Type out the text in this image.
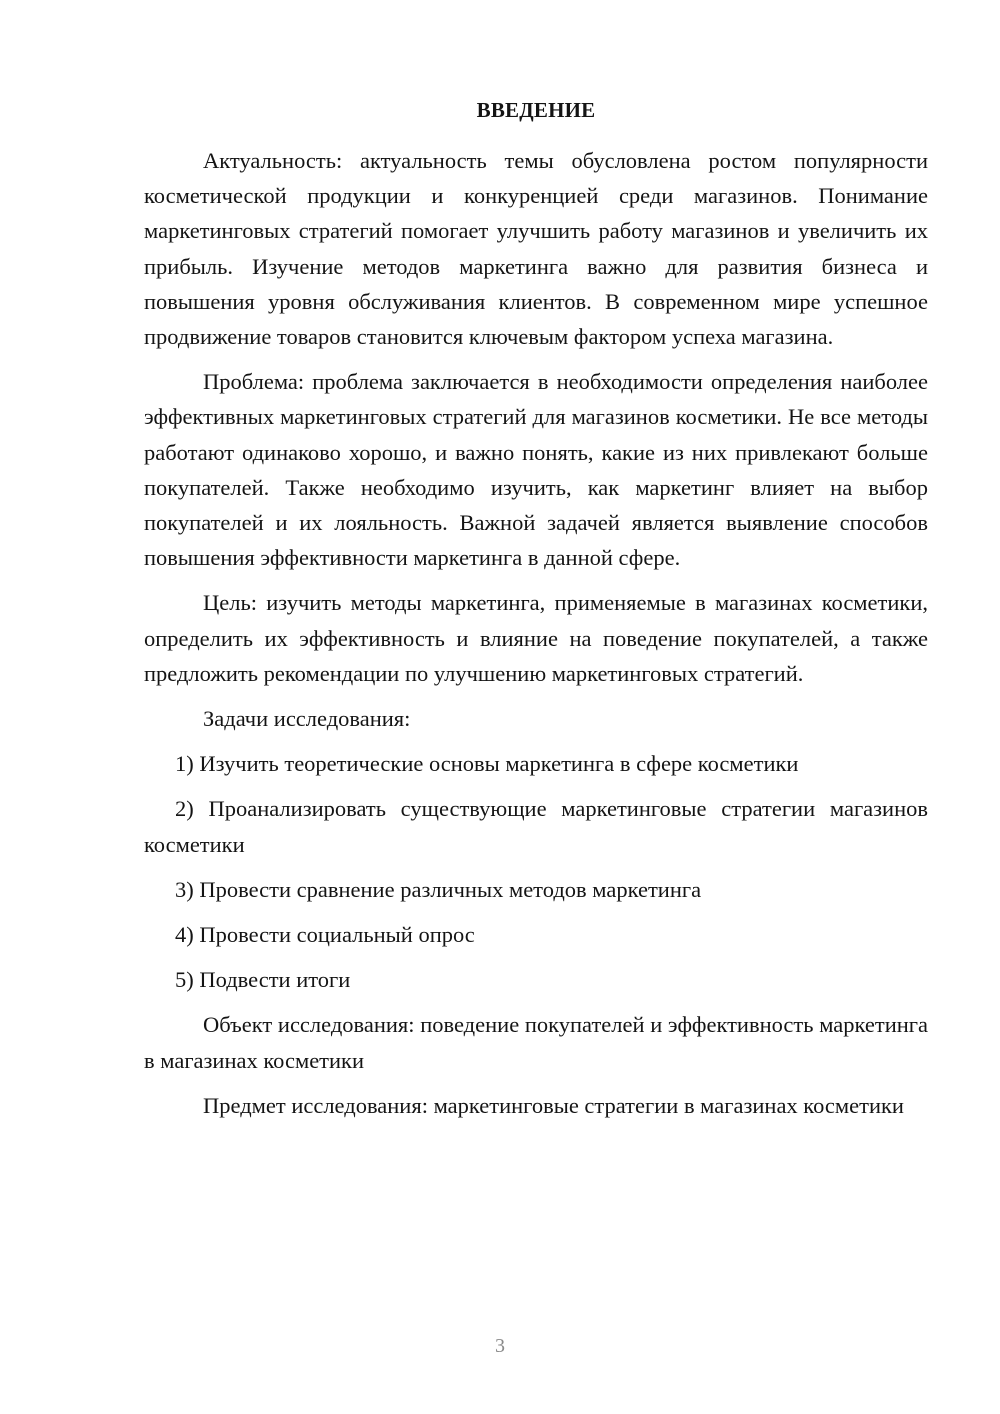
ВВЕДЕНИЕ

Актуальность: актуальность темы обусловлена ростом популярности косметической продукции и конкуренцией среди магазинов. Понимание маркетинговых стратегий помогает улучшить работу магазинов и увеличить их прибыль. Изучение методов маркетинга важно для развития бизнеса и повышения уровня обслуживания клиентов. В современном мире успешное продвижение товаров становится ключевым фактором успеха магазина.

Проблема: проблема заключается в необходимости определения наиболее эффективных маркетинговых стратегий для магазинов косметики. Не все методы работают одинаково хорошо, и важно понять, какие из них привлекают больше покупателей. Также необходимо изучить, как маркетинг влияет на выбор покупателей и их лояльность. Важной задачей является выявление способов повышения эффективности маркетинга в данной сфере.

Цель: изучить методы маркетинга, применяемые в магазинах косметики, определить их эффективность и влияние на поведение покупателей, а также предложить рекомендации по улучшению маркетинговых стратегий.

Задачи исследования:

1) Изучить теоретические основы маркетинга в сфере косметики

2) Проанализировать существующие маркетинговые стратегии магазинов косметики

3) Провести сравнение различных методов маркетинга

4) Провести социальный опрос

5) Подвести итоги

Объект исследования: поведение покупателей и эффективность маркетинга в магазинах косметики

Предмет исследования: маркетинговые стратегии в магазинах косметики

3
